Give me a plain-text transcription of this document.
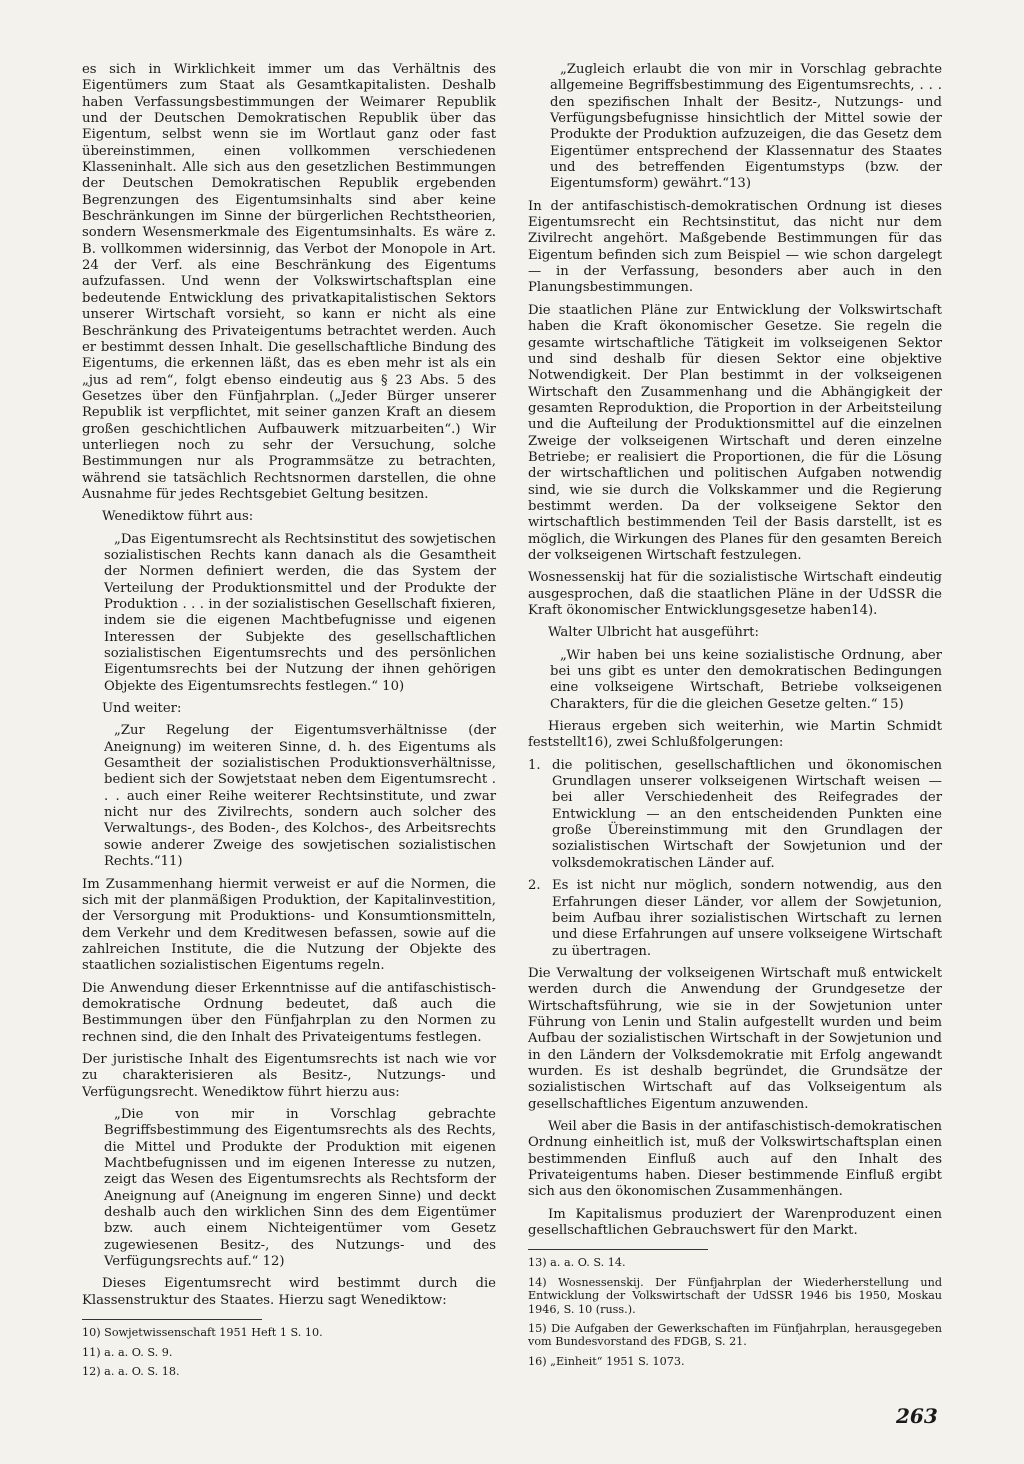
es sich in Wirklichkeit immer um das Verhältnis des Eigentümers zum Staat als Gesamtkapitalisten. Deshalb haben Verfassungsbestimmungen der Weimarer Republik und der Deutschen Demokratischen Republik über das Eigentum, selbst wenn sie im Wortlaut ganz oder fast übereinstimmen, einen vollkommen verschiedenen Klasseninhalt. Alle sich aus den gesetzlichen Bestimmungen der Deutschen Demokratischen Republik ergebenden Begrenzungen des Eigentumsinhalts sind aber keine Beschränkungen im Sinne der bürgerlichen Rechtstheorien, sondern Wesensmerkmale des Eigentumsinhalts. Es wäre z. B. vollkommen widersinnig, das Verbot der Monopole in Art. 24 der Verf. als eine Beschränkung des Eigentums aufzufassen. Und wenn der Volkswirtschaftsplan eine bedeutende Entwicklung des privatkapitalistischen Sektors unserer Wirtschaft vorsieht, so kann er nicht als eine Beschränkung des Privateigentums betrachtet werden. Auch er bestimmt dessen Inhalt. Die gesellschaftliche Bindung des Eigentums, die erkennen läßt, das es eben mehr ist als ein „jus ad rem“, folgt ebenso eindeutig aus § 23 Abs. 5 des Gesetzes über den Fünfjahrplan. („Jeder Bürger unserer Republik ist verpflichtet, mit seiner ganzen Kraft an diesem großen geschichtlichen Aufbauwerk mitzuarbeiten“.) Wir unterliegen noch zu sehr der Versuchung, solche Bestimmungen nur als Programmsätze zu betrachten, während sie tatsächlich Rechtsnormen darstellen, die ohne Ausnahme für jedes Rechtsgebiet Geltung besitzen.

Wenediktow führt aus:

„Das Eigentumsrecht als Rechtsinstitut des sowjetischen sozialistischen Rechts kann danach als die Gesamtheit der Normen definiert werden, die das System der Verteilung der Produktionsmittel und der Produkte der Produktion . . . in der sozialistischen Gesellschaft fixieren, indem sie die eigenen Machtbefugnisse und eigenen Interessen der Subjekte des gesellschaftlichen sozialistischen Eigentumsrechts und des persönlichen Eigentumsrechts bei der Nutzung der ihnen gehörigen Objekte des Eigentumsrechts festlegen.“ 10)

Und weiter:

„Zur Regelung der Eigentumsverhältnisse (der Aneignung) im weiteren Sinne, d. h. des Eigentums als Gesamtheit der sozialistischen Produktionsverhältnisse, bedient sich der Sowjetstaat neben dem Eigentumsrecht . . . auch einer Reihe weiterer Rechtsinstitute, und zwar nicht nur des Zivilrechts, sondern auch solcher des Verwaltungs-, des Boden-, des Kolchos-, des Arbeitsrechts sowie anderer Zweige des sowjetischen sozialistischen Rechts.“11)

Im Zusammenhang hiermit verweist er auf die Normen, die sich mit der planmäßigen Produktion, der Kapitalinvestition, der Versorgung mit Produktions- und Konsumtionsmitteln, dem Verkehr und dem Kreditwesen befassen, sowie auf die zahlreichen Institute, die die Nutzung der Objekte des staatlichen sozialistischen Eigentums regeln.

Die Anwendung dieser Erkenntnisse auf die antifaschistisch-demokratische Ordnung bedeutet, daß auch die Bestimmungen über den Fünfjahrplan zu den Normen zu rechnen sind, die den Inhalt des Privateigentums festlegen.

Der juristische Inhalt des Eigentumsrechts ist nach wie vor zu charakterisieren als Besitz-, Nutzungs- und Verfügungsrecht. Wenediktow führt hierzu aus:

„Die von mir in Vorschlag gebrachte Begriffsbestimmung des Eigentumsrechts als des Rechts, die Mittel und Produkte der Produktion mit eigenen Machtbefugnissen und im eigenen Interesse zu nutzen, zeigt das Wesen des Eigentumsrechts als Rechtsform der Aneignung auf (Aneignung im engeren Sinne) und deckt deshalb auch den wirklichen Sinn des dem Eigentümer bzw. auch einem Nichteigentümer vom Gesetz zugewiesenen Besitz-, des Nutzungs- und des Verfügungsrechts auf.“ 12)

Dieses Eigentumsrecht wird bestimmt durch die Klassenstruktur des Staates. Hierzu sagt Wenediktow:

10) Sowjetwissenschaft 1951 Heft 1 S. 10.

11) a. a. O. S. 9.

12) a. a. O. S. 18.

„Zugleich erlaubt die von mir in Vorschlag gebrachte allgemeine Begriffsbestimmung des Eigentumsrechts, . . . den spezifischen Inhalt der Besitz-, Nutzungs- und Verfügungsbefugnisse hinsichtlich der Mittel sowie der Produkte der Produktion aufzuzeigen, die das Gesetz dem Eigentümer entsprechend der Klassennatur des Staates und des betreffenden Eigentumstyps (bzw. der Eigentumsform) gewährt.“13)

In der antifaschistisch-demokratischen Ordnung ist dieses Eigentumsrecht ein Rechtsinstitut, das nicht nur dem Zivilrecht angehört. Maßgebende Bestimmungen für das Eigentum befinden sich zum Beispiel — wie schon dargelegt — in der Verfassung, besonders aber auch in den Planungsbestimmungen.

Die staatlichen Pläne zur Entwicklung der Volkswirtschaft haben die Kraft ökonomischer Gesetze. Sie regeln die gesamte wirtschaftliche Tätigkeit im volkseigenen Sektor und sind deshalb für diesen Sektor eine objektive Notwendigkeit. Der Plan bestimmt in der volkseigenen Wirtschaft den Zusammenhang und die Abhängigkeit der gesamten Reproduktion, die Proportion in der Arbeitsteilung und die Aufteilung der Produktionsmittel auf die einzelnen Zweige der volkseigenen Wirtschaft und deren einzelne Betriebe; er realisiert die Proportionen, die für die Lösung der wirtschaftlichen und politischen Aufgaben notwendig sind, wie sie durch die Volkskammer und die Regierung bestimmt werden. Da der volkseigene Sektor den wirtschaftlich bestimmenden Teil der Basis darstellt, ist es möglich, die Wirkungen des Planes für den gesamten Bereich der volkseigenen Wirtschaft festzulegen.

Wosnessenskij hat für die sozialistische Wirtschaft eindeutig ausgesprochen, daß die staatlichen Pläne in der UdSSR die Kraft ökonomischer Entwicklungsgesetze haben14).

Walter Ulbricht hat ausgeführt:

„Wir haben bei uns keine sozialistische Ordnung, aber bei uns gibt es unter den demokratischen Bedingungen eine volkseigene Wirtschaft, Betriebe volkseigenen Charakters, für die die gleichen Gesetze gelten.“ 15)

Hieraus ergeben sich weiterhin, wie Martin Schmidt feststellt16), zwei Schlußfolgerungen:

1. die politischen, gesellschaftlichen und ökonomischen Grundlagen unserer volkseigenen Wirtschaft weisen — bei aller Verschiedenheit des Reifegrades der Entwicklung — an den entscheidenden Punkten eine große Übereinstimmung mit den Grundlagen der sozialistischen Wirtschaft der Sowjetunion und der volksdemokratischen Länder auf.
2. Es ist nicht nur möglich, sondern notwendig, aus den Erfahrungen dieser Länder, vor allem der Sowjetunion, beim Aufbau ihrer sozialistischen Wirtschaft zu lernen und diese Erfahrungen auf unsere volkseigene Wirtschaft zu übertragen.

Die Verwaltung der volkseigenen Wirtschaft muß entwickelt werden durch die Anwendung der Grundgesetze der Wirtschaftsführung, wie sie in der Sowjetunion unter Führung von Lenin und Stalin aufgestellt wurden und beim Aufbau der sozialistischen Wirtschaft in der Sowjetunion und in den Ländern der Volksdemokratie mit Erfolg angewandt wurden. Es ist deshalb begründet, die Grundsätze der sozialistischen Wirtschaft auf das Volkseigentum als gesellschaftliches Eigentum anzuwenden.

Weil aber die Basis in der antifaschistisch-demokratischen Ordnung einheitlich ist, muß der Volkswirtschaftsplan einen bestimmenden Einfluß auch auf den Inhalt des Privateigentums haben. Dieser bestimmende Einfluß ergibt sich aus den ökonomischen Zusammenhängen.

Im Kapitalismus produziert der Warenproduzent einen gesellschaftlichen Gebrauchswert für den Markt.

13) a. a. O. S. 14.

14) Wosnessenskij. Der Fünfjahrplan der Wiederherstellung und Entwicklung der Volkswirtschaft der UdSSR 1946 bis 1950, Moskau 1946, S. 10 (russ.).

15) Die Aufgaben der Gewerkschaften im Fünfjahrplan, herausgegeben vom Bundesvorstand des FDGB, S. 21.

16) „Einheit“ 1951 S. 1073.

263
